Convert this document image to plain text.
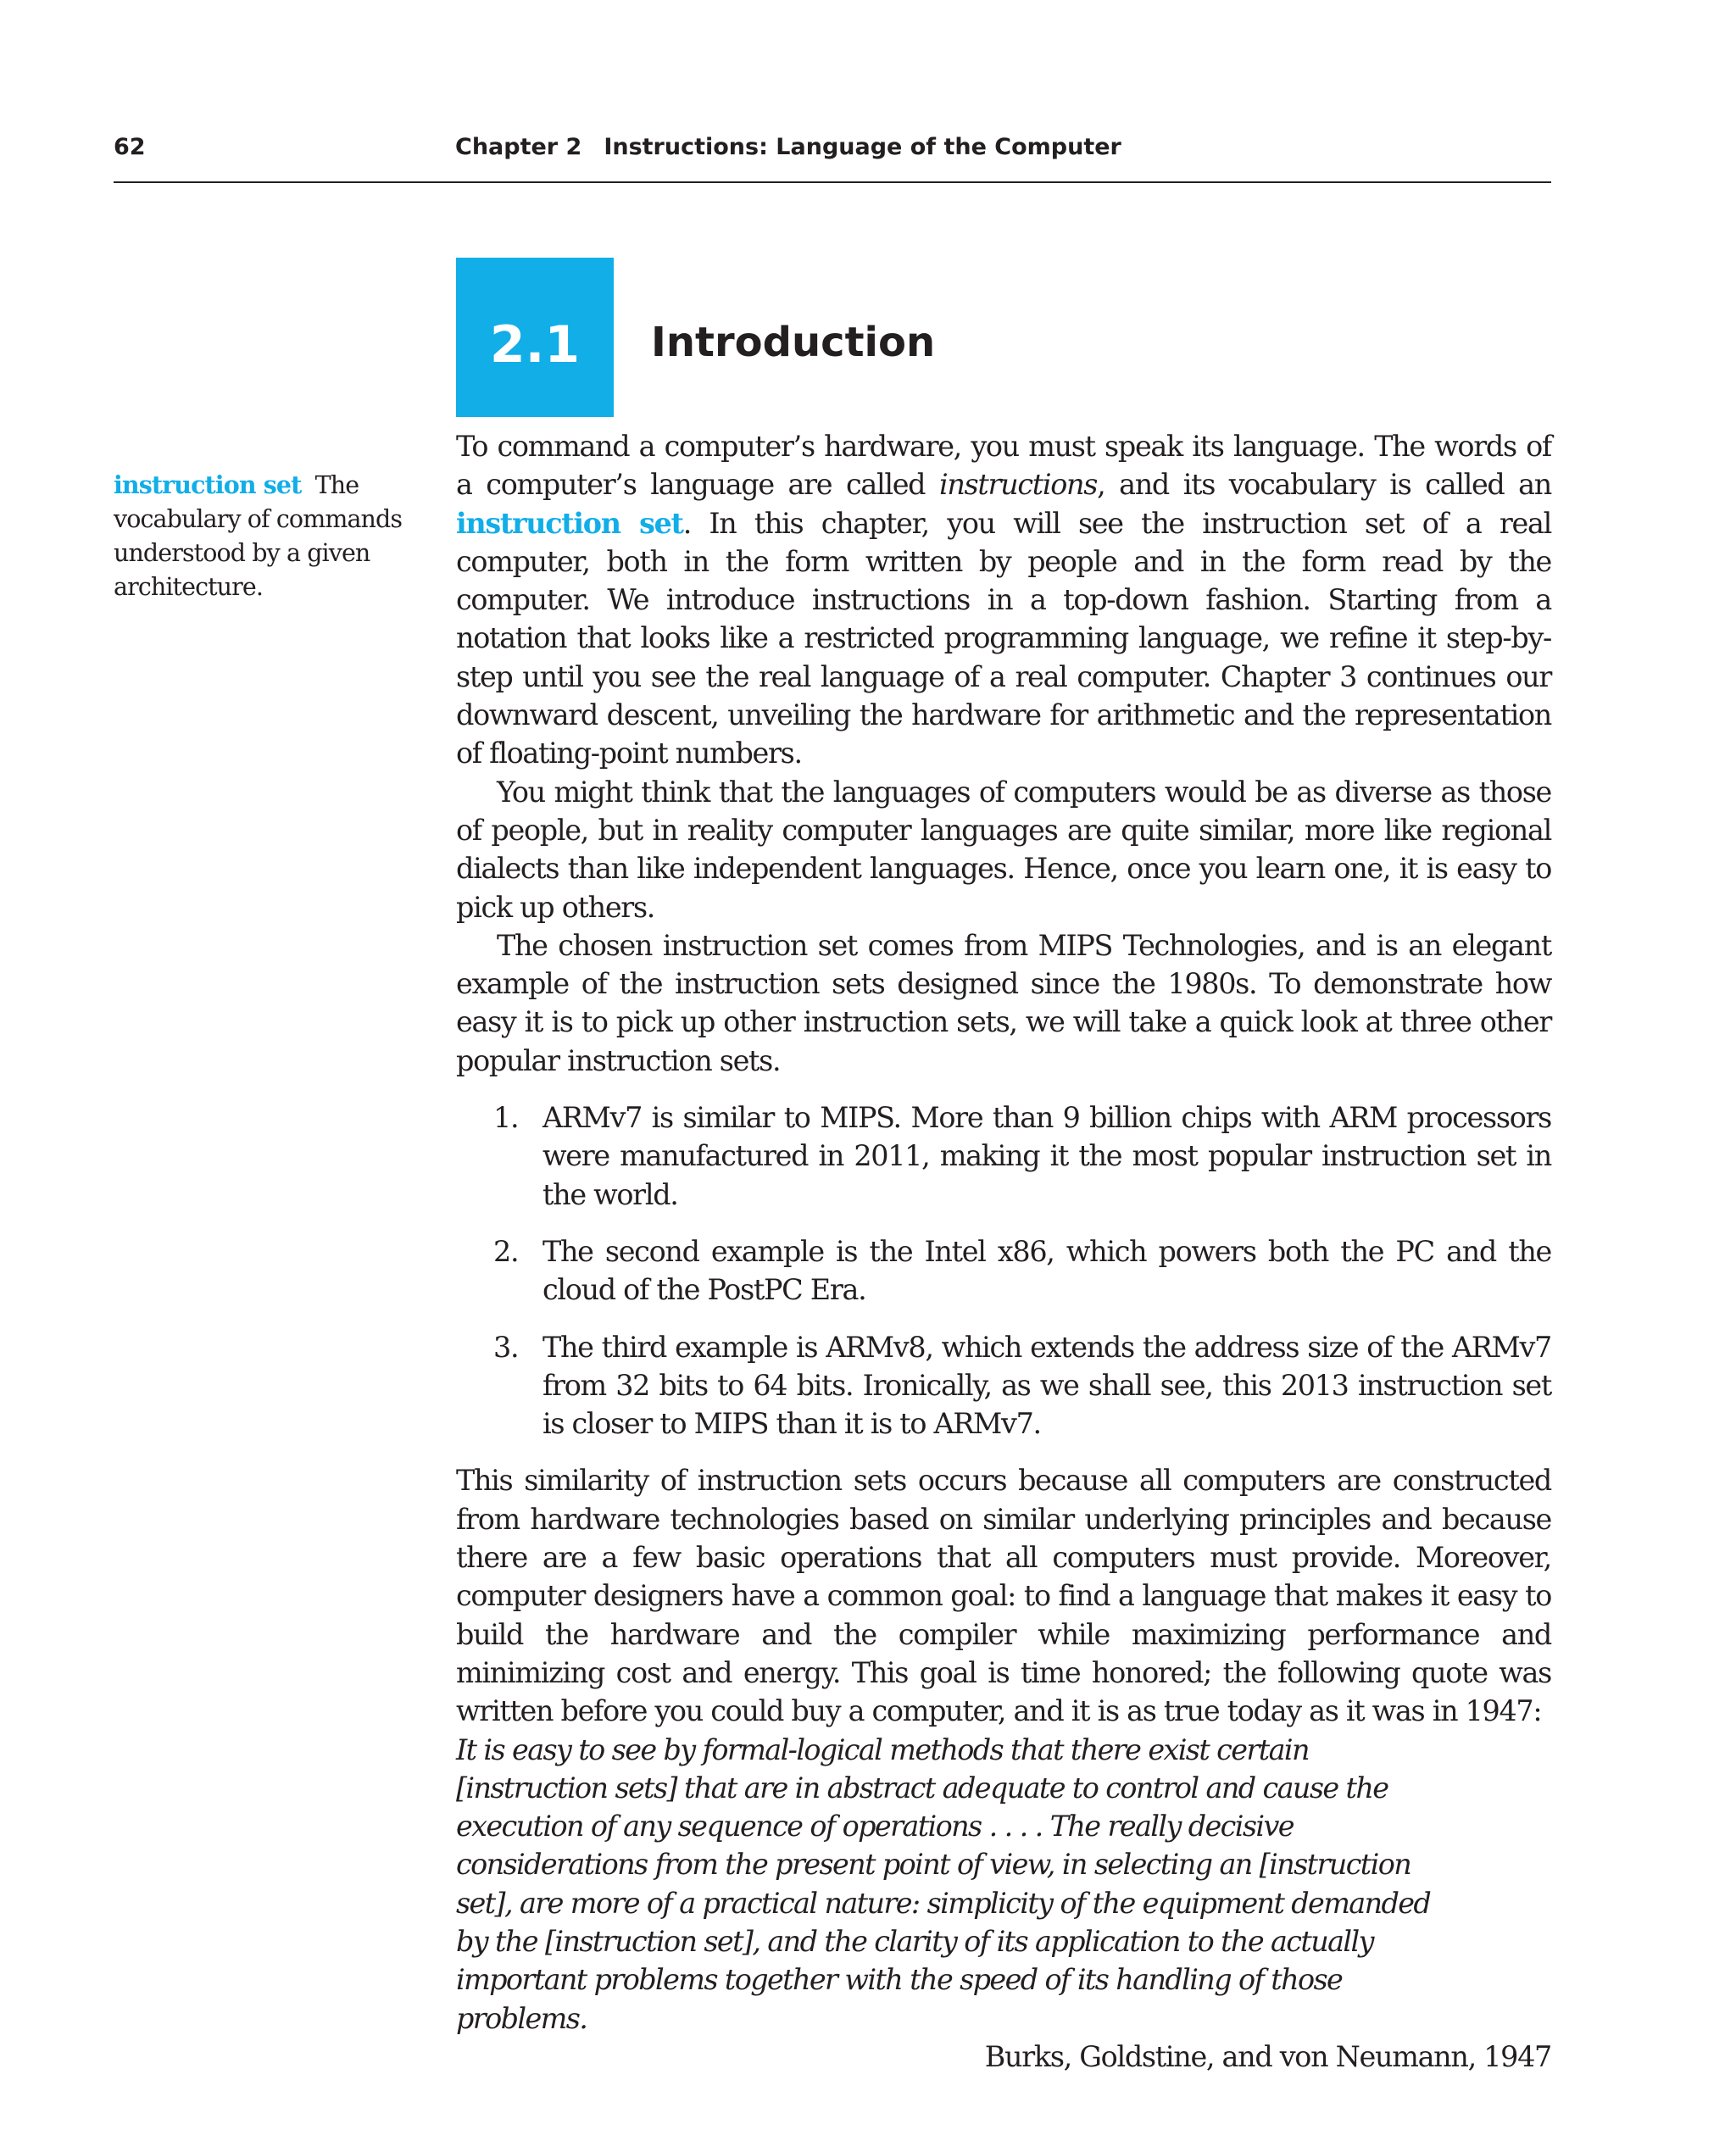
62	Chapter 2 Instructions: Language of the Computer
2.1	Introduction
instruction set The vocabulary of commands understood by a given architecture.

To command a computer’s hardware, you must speak its language. The words of a computer’s language are called instructions, and its vocabulary is called an instruction set. In this chapter, you will see the instruction set of a real computer, both in the form written by people and in the form read by the computer. We introduce instructions in a top-down fashion. Starting from a notation that looks like a restricted programming language, we refine it step-by-step until you see the real language of a real computer. Chapter 3 continues our downward descent, unveiling the hardware for arithmetic and the representation of floating-point numbers.

You might think that the languages of computers would be as diverse as those of people, but in reality computer languages are quite similar, more like regional dialects than like independent languages. Hence, once you learn one, it is easy to pick up others.

The chosen instruction set comes from MIPS Technologies, and is an elegant example of the instruction sets designed since the 1980s. To demonstrate how easy it is to pick up other instruction sets, we will take a quick look at three other popular instruction sets.

1. ARMv7 is similar to MIPS. More than 9 billion chips with ARM processors were manufactured in 2011, making it the most popular instruction set in the world.
2. The second example is the Intel x86, which powers both the PC and the cloud of the PostPC Era.
3. The third example is ARMv8, which extends the address size of the ARMv7 from 32 bits to 64 bits. Ironically, as we shall see, this 2013 instruction set is closer to MIPS than it is to ARMv7.

This similarity of instruction sets occurs because all computers are constructed from hardware technologies based on similar underlying principles and because there are a few basic operations that all computers must provide. Moreover, computer designers have a common goal: to find a language that makes it easy to build the hardware and the compiler while maximizing performance and minimizing cost and energy. This goal is time honored; the following quote was written before you could buy a computer, and it is as true today as it was in 1947:

It is easy to see by formal-logical methods that there exist certain [instruction sets] that are in abstract adequate to control and cause the execution of any sequence of operations . . . . The really decisive considerations from the present point of view, in selecting an [instruction set], are more of a practical nature: simplicity of the equipment demanded by the [instruction set], and the clarity of its application to the actually important problems together with the speed of its handling of those problems.

Burks, Goldstine, and von Neumann, 1947
